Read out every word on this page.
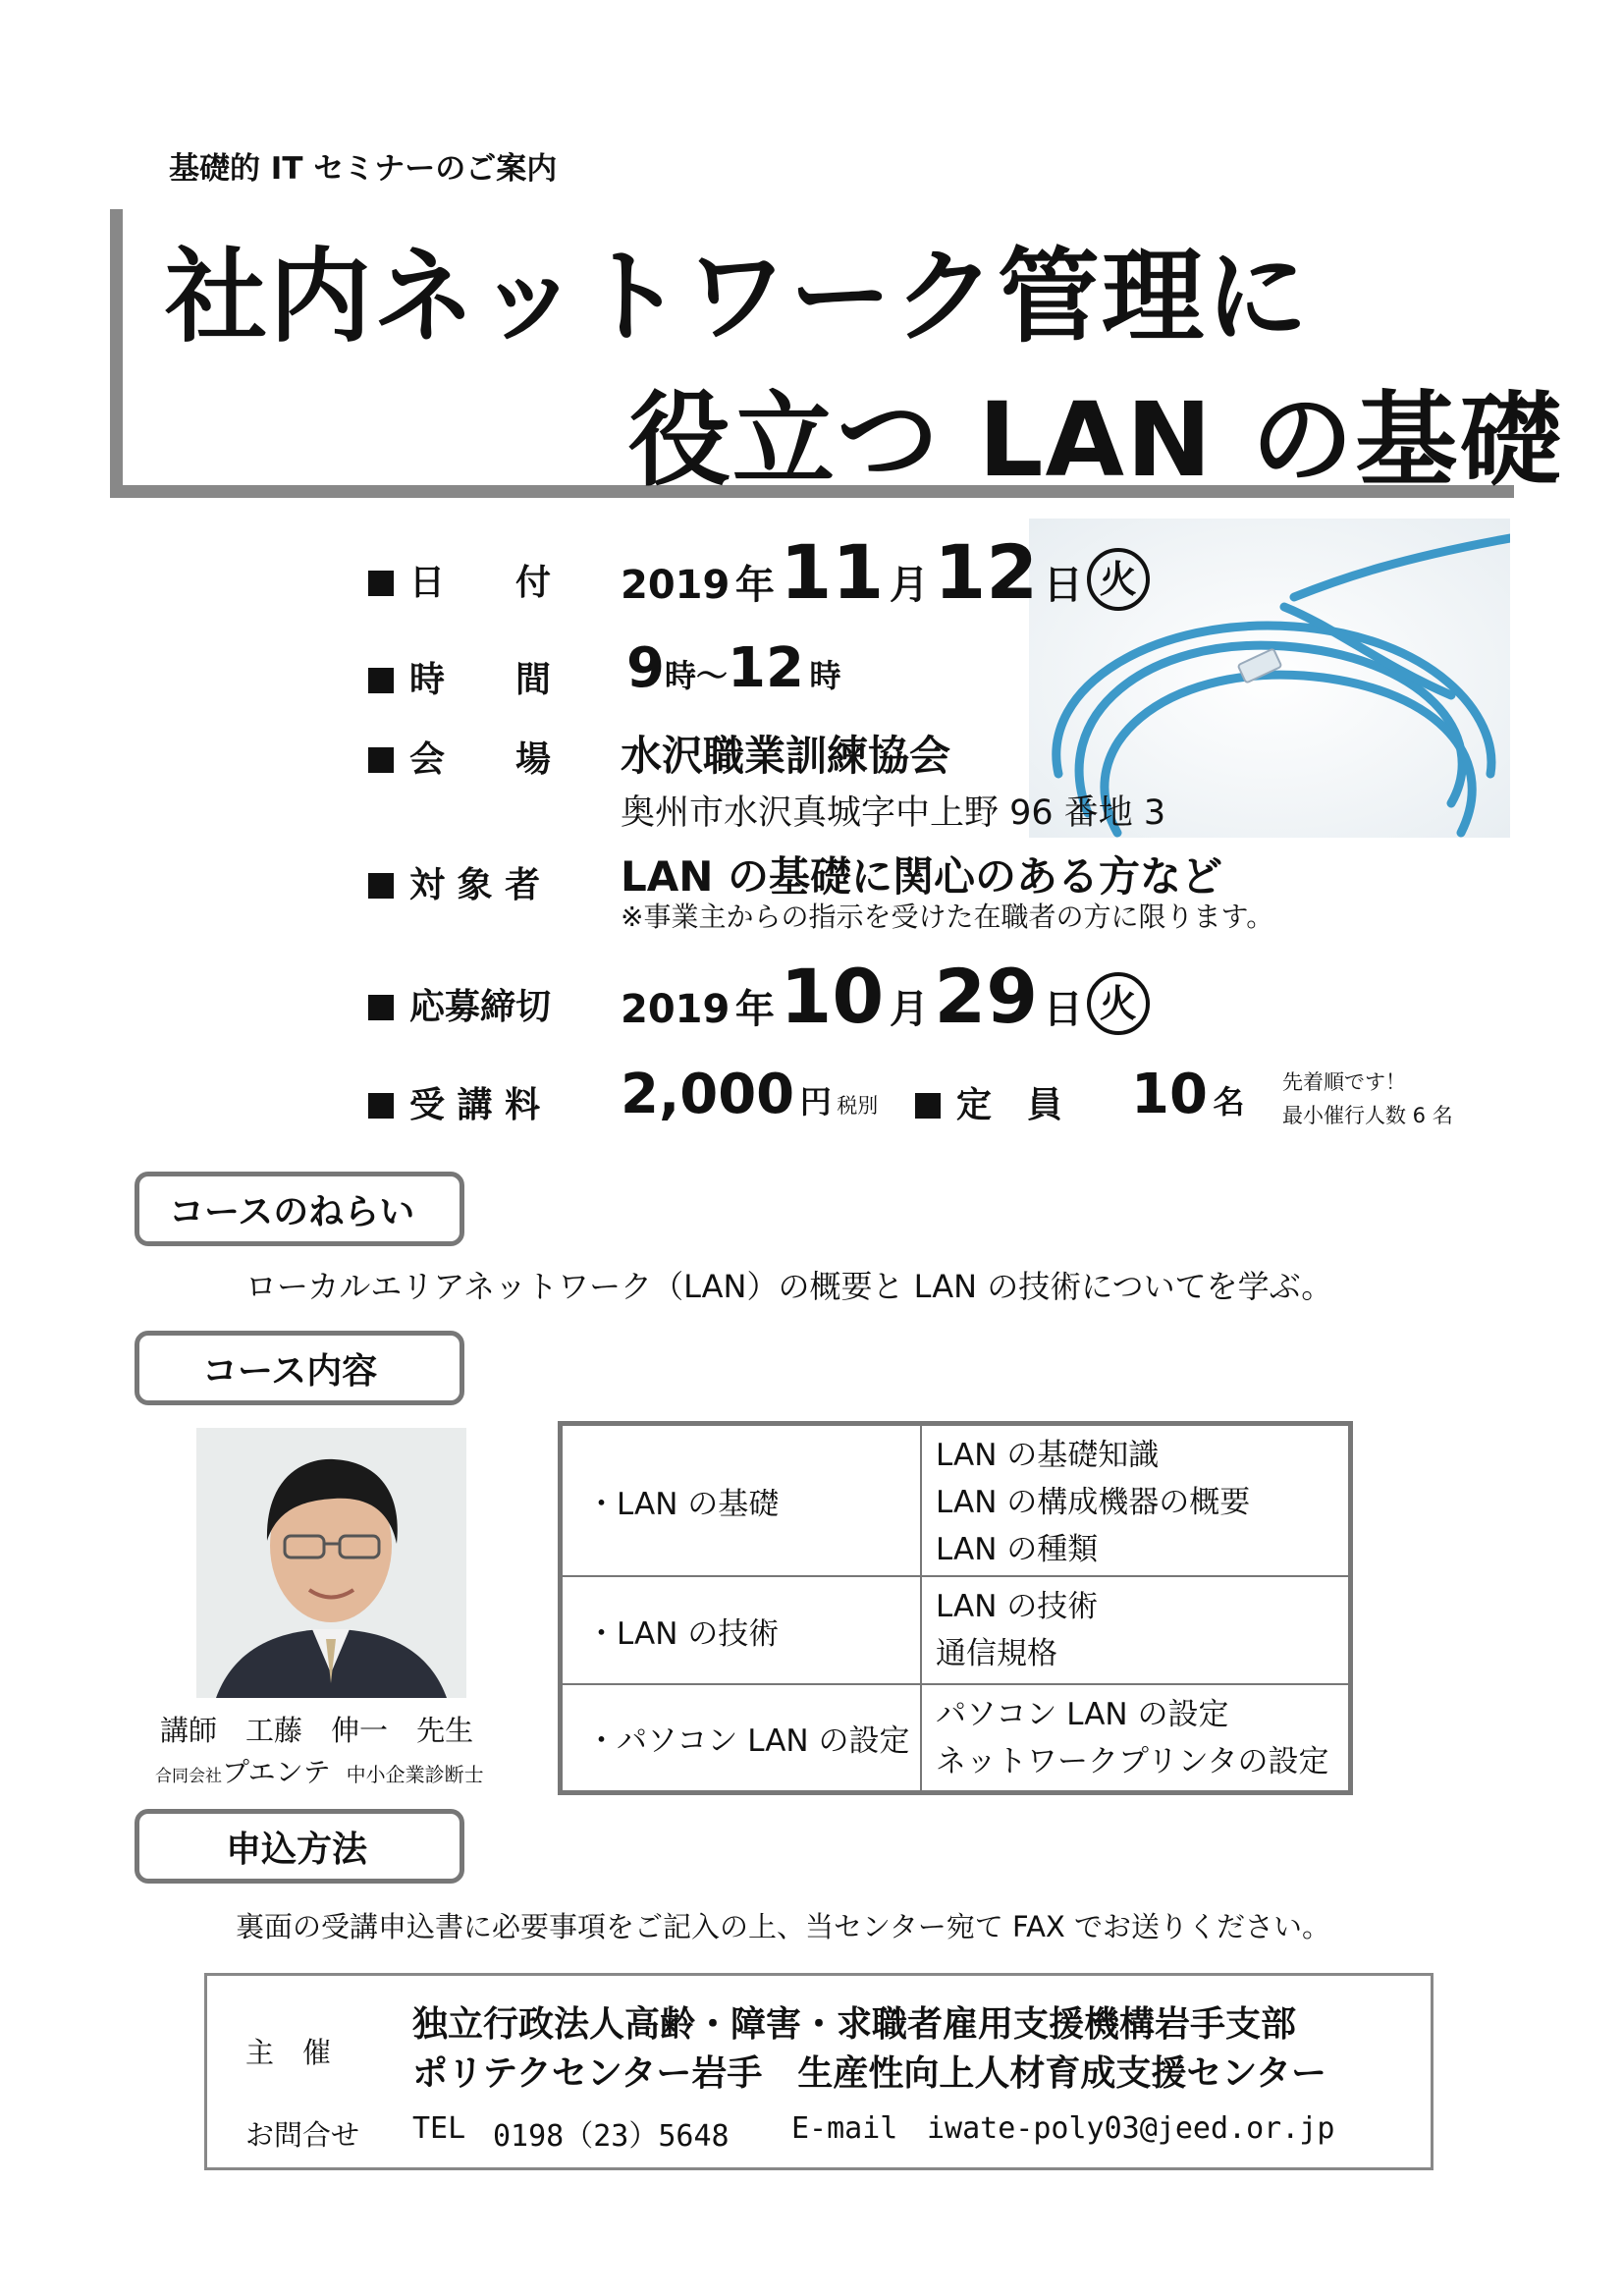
基礎的 IT セミナーのご案内
社内ネットワーク管理に
役立つ LAN の基礎
日　　付 2019 年 11 月 12 日 火
時　　間 9時〜12 時
会　　場 水沢職業訓練協会
奥州市水沢真城字中上野 96 番地 3
対 象 者 LAN の基礎に関心のある方など
※事業主からの指示を受けた在職者の方に限ります。
応募締切 2019 年 10 月 29 日 火
受 講 料 2,000 円 税別	定　員 10 名
先着順です！
最小催行人数 6 名
コースのねらい
ローカルエリアネットワーク（LAN）の概要と LAN の技術についてを学ぶ。
コース内容
講師　 工藤　伸一　 先生
合同会社プエンテ　 中小企業診断士
・LAN の基礎
LAN の基礎知識
LAN の構成機器の概要
LAN の種類
・LAN の技術
LAN の技術
通信規格
・パソコン LAN の設定
パソコン LAN の設定
ネットワークプリンタの設定
申込方法
裏面の受講申込書に必要事項をご記入の上、当センター宛て FAX でお送りください。
主　催
独立行政法人高齢・障害・求職者雇用支援機構岩手支部
ポリテクセンター岩手　生産性向上人材育成支援センター
お問合せ TEL 0198（23）5648 E-mail iwate-poly03@jeed.or.jp
